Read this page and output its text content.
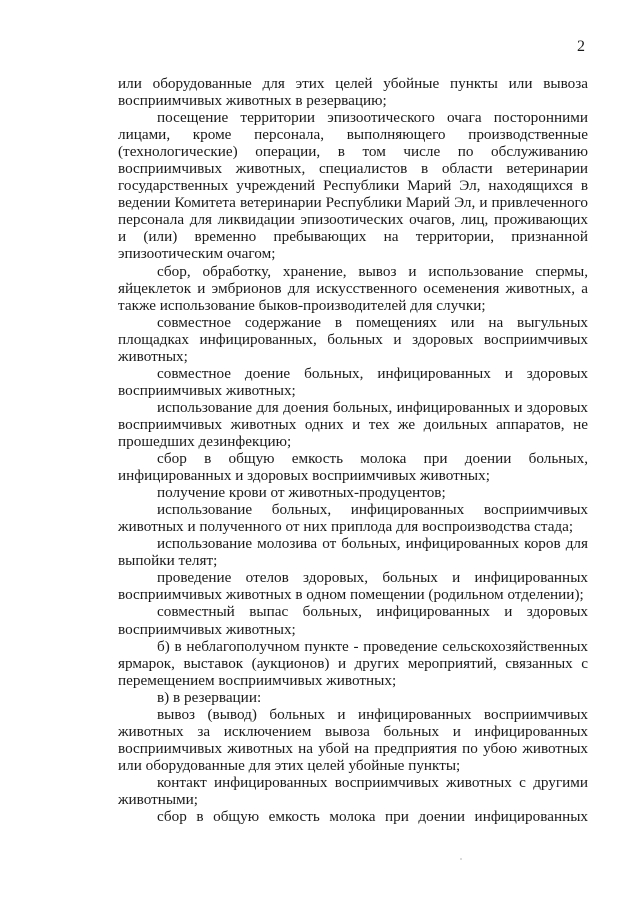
2

или оборудованные для этих целей убойные пункты или вывоза восприимчивых животных в резервацию;

посещение территории эпизоотического очага посторонними лицами, кроме персонала, выполняющего производственные (технологические) операции, в том числе по обслуживанию восприимчивых животных, специалистов в области ветеринарии государственных учреждений Республики Марий Эл, находящихся в ведении Комитета ветеринарии Республики Марий Эл, и привлеченного персонала для ликвидации эпизоотических очагов, лиц, проживающих и (или) временно пребывающих на территории, признанной эпизоотическим очагом;

сбор, обработку, хранение, вывоз и использование спермы, яйцеклеток и эмбрионов для искусственного осеменения животных, а также использование быков-производителей для случки;

совместное содержание в помещениях или на выгульных площадках инфицированных, больных и здоровых восприимчивых животных;

совместное доение больных, инфицированных и здоровых восприимчивых животных;

использование для доения больных, инфицированных и здоровых восприимчивых животных одних и тех же доильных аппаратов, не прошедших дезинфекцию;

сбор в общую емкость молока при доении больных, инфицированных и здоровых восприимчивых животных;

получение крови от животных-продуцентов;

использование больных, инфицированных восприимчивых животных и полученного от них приплода для воспроизводства стада;

использование молозива от больных, инфицированных коров для выпойки телят;

проведение отелов здоровых, больных и инфицированных восприимчивых животных в одном помещении (родильном отделении);

совместный выпас больных, инфицированных и здоровых восприимчивых животных;

б) в неблагополучном пункте - проведение сельскохозяйственных ярмарок, выставок (аукционов) и других мероприятий, связанных с перемещением восприимчивых животных;

в) в резервации:

вывоз (вывод) больных и инфицированных восприимчивых животных за исключением вывоза больных и инфицированных восприимчивых животных на убой на предприятия по убою животных или оборудованные для этих целей убойные пункты;

контакт инфицированных восприимчивых животных с другими животными;

сбор в общую емкость молока при доении инфицированных
